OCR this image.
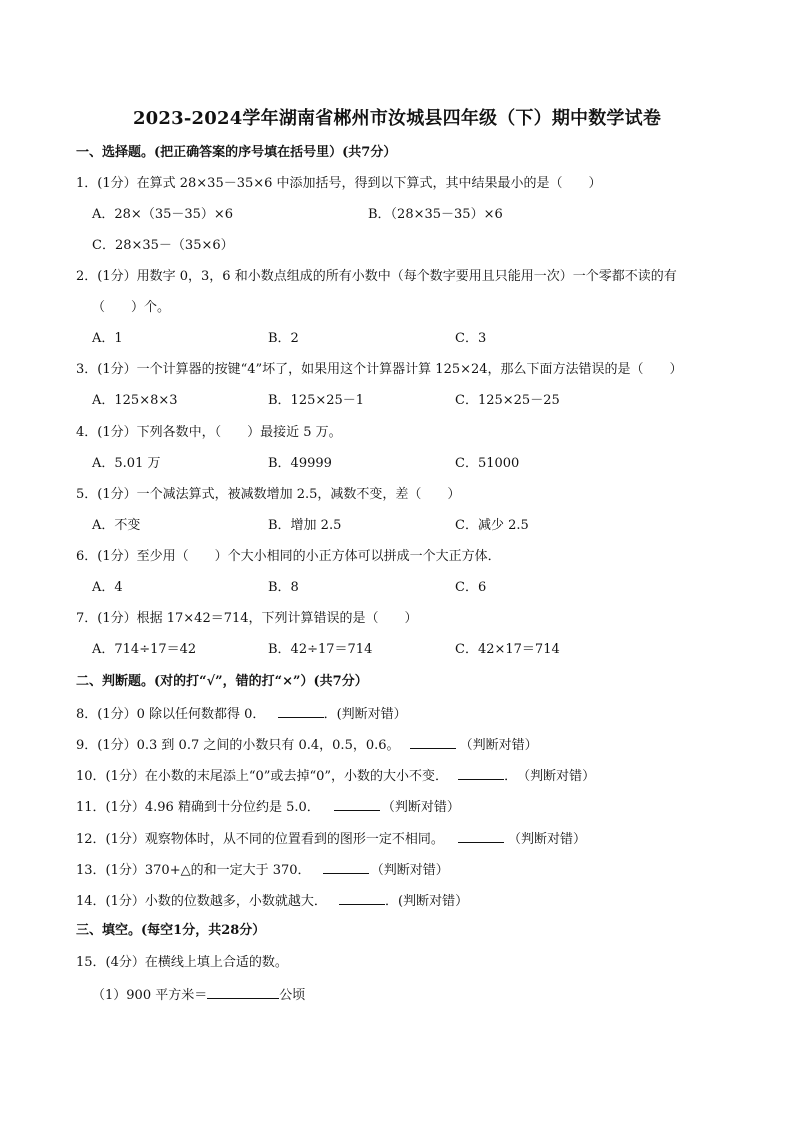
2023-2024学年湖南省郴州市汝城县四年级（下）期中数学试卷
一、选择题。(把正确答案的序号填在括号里）(共7分）
1．(1分）在算式 28×35－35×6 中添加括号，得到以下算式，其中结果最小的是（　　）
A．28×（35－35）×6	B．（28×35－35）×6
C．28×35－（35×6）
2．(1分）用数字 0，3，6 和小数点组成的所有小数中（每个数字要用且只能用一次）一个零都不读的有
（　　）个。
A．1	B．2	C．3
3．(1分）一个计算器的按键“4”坏了，如果用这个计算器计算 125×24，那么下面方法错误的是（　　）
A．125×8×3	B．125×25－1	C．125×25－25
4．(1分）下列各数中，（　　）最接近 5 万。
A．5.01 万	B．49999	C．51000
5．(1分）一个减法算式，被减数增加 2.5，减数不变，差（　　）
A．不变	B．增加 2.5	C．减少 2.5
6．(1分）至少用（　　）个大小相同的小正方体可以拼成一个大正方体．
A．4	B．8	C．6
7．(1分）根据 17×42＝714，下列计算错误的是（　　）
A．714÷17＝42	B．42÷17＝714	C．42×17＝714
二、判断题。(对的打“√”，错的打“×”）(共7分）
8．(1分）0 除以任何数都得 0．	．(判断对错）
9．(1分）0.3 到 0.7 之间的小数只有 0.4，0.5，0.6。	（判断对错）
10．(1分）在小数的末尾添上“0”或去掉“0”，小数的大小不变．	．　（判断对错）
11．(1分）4.96 精确到十分位约是 5.0．	（判断对错）
12．(1分）观察物体时，从不同的位置看到的图形一定不相同。	（判断对错）
13．(1分）370+△的和一定大于 370．	（判断对错）
14．(1分）小数的位数越多，小数就越大．	．(判断对错）
三、填空。(每空1分，共28分）
15．(4分）在横线上填上合适的数。
（1）900 平方米＝	公顷
